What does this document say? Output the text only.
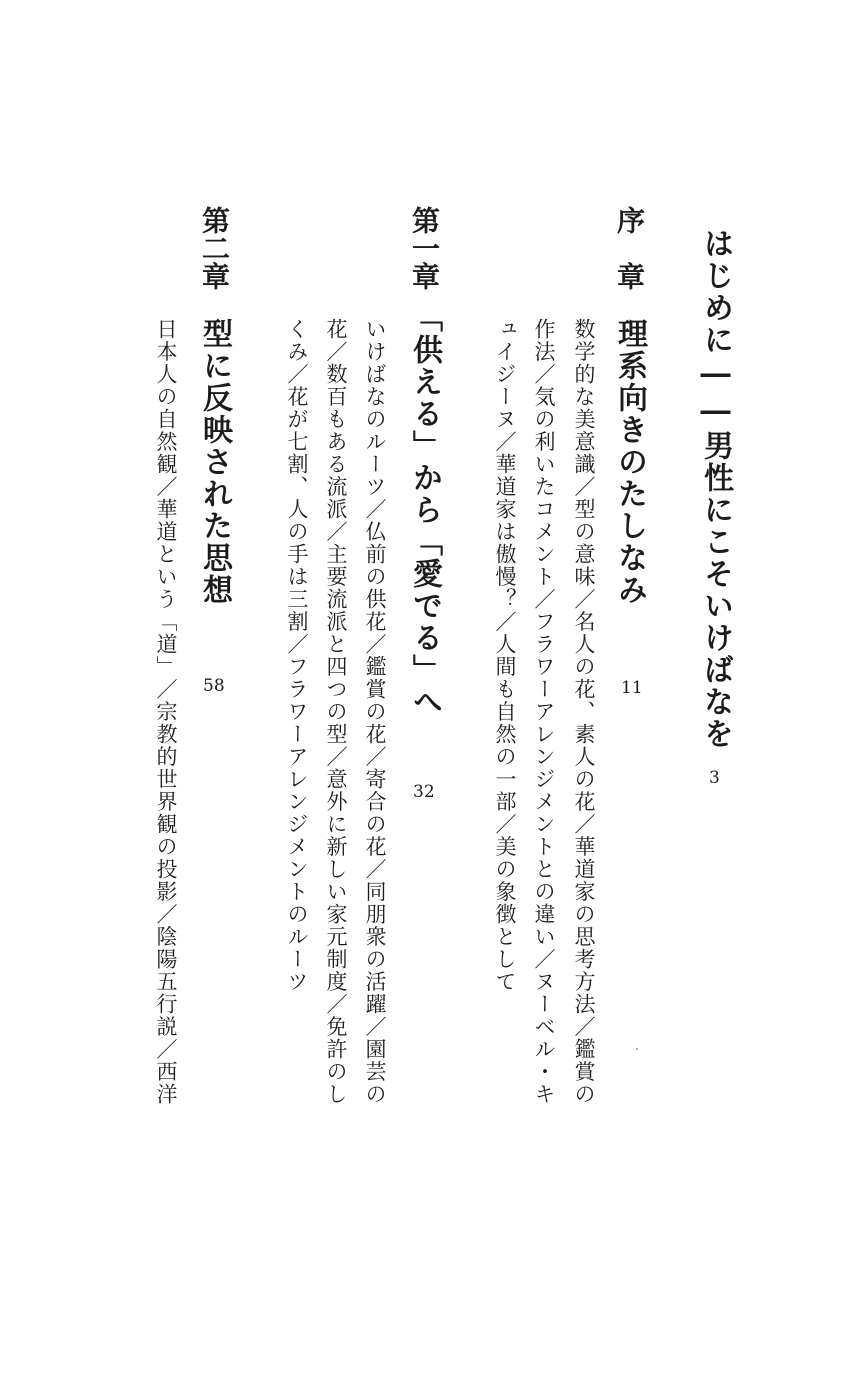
はじめに――男性にこそいけばなを
3
序　章
理系向きのたしなみ
11
数学的な美意識／型の意味／名人の花、素人の花／華道家の思考方法／鑑賞の
作法／気の利いたコメント／フラワーアレンジメントとの違い／ヌーベル・キ
ュイジーヌ／華道家は傲慢？／人間も自然の一部／美の象徴として
第一章
「供える」から「愛でる」へ
32
いけばなのルーツ／仏前の供花／鑑賞の花／寄合の花／同朋衆の活躍／園芸の
花／数百もある流派／主要流派と四つの型／意外に新しい家元制度／免許のし
くみ／花が七割、人の手は三割／フラワーアレンジメントのルーツ
第二章
型に反映された思想
58
日本人の自然観／華道という「道」／宗教的世界観の投影／陰陽五行説／西洋
